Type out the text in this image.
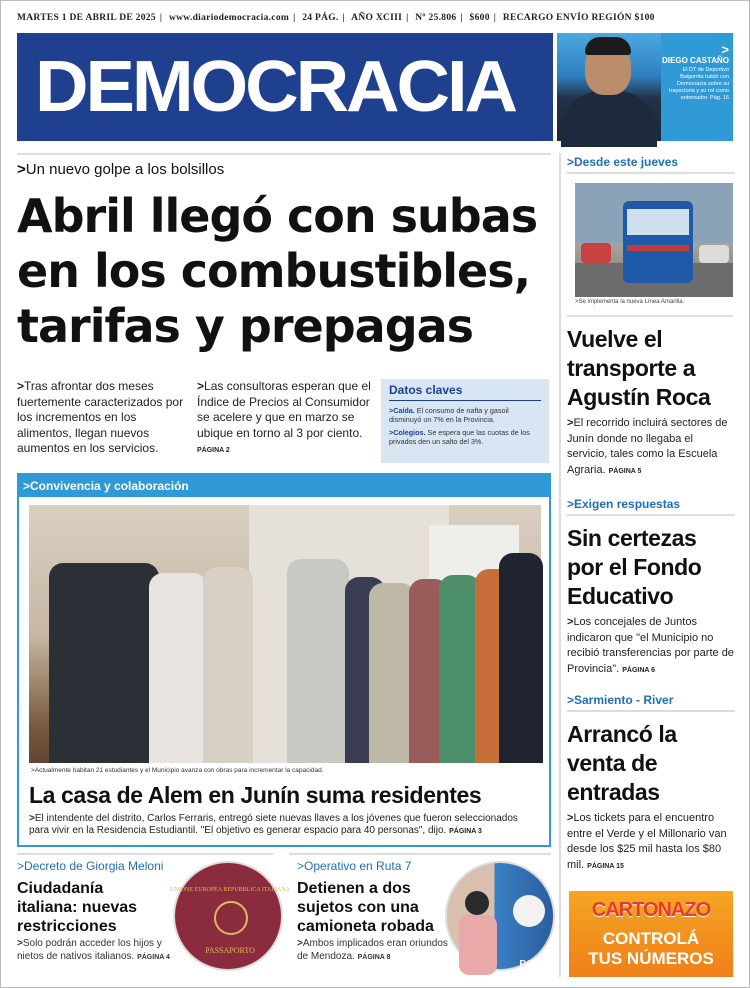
MARTES 1 DE ABRIL DE 2025 | www.diariodemocracia.com | 24 PÁG. | AÑO XCIII | Nº 25.806 | $600 | RECARGO ENVÍO REGIÓN $100
DEMOCRACIA	>
DIEGO CASTAÑO
El DT de Deportivo Baigorrita habló con Democracia sobre su trayectoria y su rol como entrenador. Pág. 16
>Un nuevo golpe a los bolsillos
Abril llegó con subas
en los combustibles,
tarifas y prepagas
>Tras afrontar dos meses fuertemente caracterizados por los incrementos en los alimentos, llegan nuevos aumentos en los servicios.
>Las consultoras esperan que el Índice de Precios al Consumidor se acelere y que en marzo se ubique en torno al 3 por ciento. PÁGINA 2
Datos claves

>Caída. El consumo de nafta y gasoil disminuyó un 7% en la Provincia.

>Colegios. Se espera que las cuotas de los privados den un salto del 3%.

>Convivencia y colaboración
>Actualmente habitan 21 estudiantes y el Municipio avanza con obras para incrementar la capacidad.
La casa de Alem en Junín suma residentes
>El intendente del distrito, Carlos Ferraris, entregó siete nuevas llaves a los jóvenes que fueron seleccionados para vivir en la Residencia Estudiantil. "El objetivo es generar espacio para 40 personas", dijo. PÁGINA 3
>Decreto de Giorgia Meloni
Ciudadanía
italiana: nuevas
restricciones
>Solo podrán acceder los hijos y nietos de nativos italianos. PÁGINA 4
UNIONE EUROPEA REPUBBLICA ITALIANA
PASSAPORTO
>Operativo en Ruta 7
Detienen a dos
sujetos con una
camioneta robada
>Ambos implicados eran oriundos de Mendoza. PÁGINA 8
POLI
>Desde este jueves
>Se implementa la nueva Línea Amarilla.
Vuelve el
transporte a
Agustín Roca
>El recorrido incluirá sectores de Junín donde no llegaba el servicio, tales como la Escuela Agraria. PÁGINA 5
>Exigen respuestas
Sin certezas
por el Fondo
Educativo
>Los concejales de Juntos indicaron que "el Municipio no recibió transferencias por parte de Provincia". PÁGINA 6
>Sarmiento - River
Arrancó la
venta de
entradas
>Los tickets para el encuentro entre el Verde y el Millonario van desde los $25 mil hasta los $80 mil. PÁGINA 15
CARTONAZO
CONTROLÁ
TUS NÚMEROS
